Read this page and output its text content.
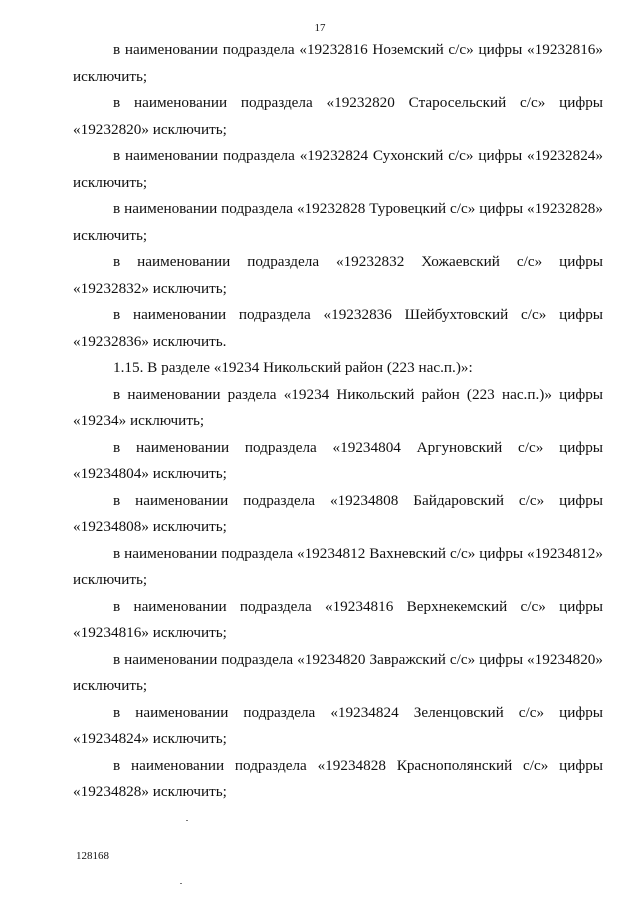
17
в наименовании подраздела «19232816 Ноземский с/с» цифры «19232816» исключить;
в наименовании подраздела «19232820 Старосельский с/с» цифры «19232820» исключить;
в наименовании подраздела «19232824 Сухонский с/с» цифры «19232824» исключить;
в наименовании подраздела «19232828 Туровецкий с/с» цифры «19232828» исключить;
в наименовании подраздела «19232832 Хожаевский с/с» цифры «19232832» исключить;
в наименовании подраздела «19232836 Шейбухтовский с/с» цифры «19232836» исключить.
1.15. В разделе «19234 Никольский район (223 нас.п.)»:
в наименовании раздела «19234 Никольский район (223 нас.п.)» цифры «19234» исключить;
в наименовании подраздела «19234804 Аргуновский с/с» цифры «19234804» исключить;
в наименовании подраздела «19234808 Байдаровский с/с» цифры «19234808» исключить;
в наименовании подраздела «19234812 Вахневский с/с» цифры «19234812» исключить;
в наименовании подраздела «19234816 Верхнекемский с/с» цифры «19234816» исключить;
в наименовании подраздела «19234820 Завражский с/с» цифры «19234820» исключить;
в наименовании подраздела «19234824 Зеленцовский с/с» цифры «19234824» исключить;
в наименовании подраздела «19234828 Краснополянский с/с» цифры «19234828» исключить;
128168
